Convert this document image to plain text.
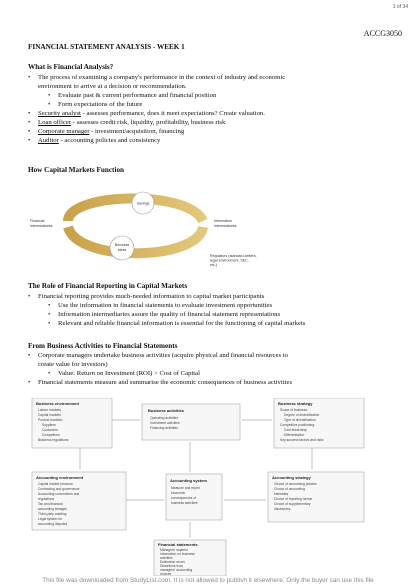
1 of 34
ACCG3050
FINANCIAL STATEMENT ANALYSIS - WEEK 1
What is Financial Analysis?
• The process of examining a company's performance in the context of industry and economic
environment to arrive at a decision or recommendation.
• Evaluate past & current performance and financial position
• Form expectations of the future
• Security analyst - assesses performance, does it meet expectations? Create valuation.
• Loan officer - assesses credit risk, liquidity, profitability, business risk
• Corporate manager - investment/acquisition, financing
• Auditor - accounting policies and consistency
How Capital Markets Function
Savings
Business
ideas
Financial
intermediaries
Information
intermediaries
Regulators (standard-setters,
legal environment, SEC,
etc.)
The Role of Financial Reporting in Capital Markets
• Financial reporting provides much-needed information to capital market participants
• Use the information in financial statements to evaluate investment opportunities
• Information intermediaries assure the quality of financial statement representations
• Relevant and reliable financial information is essential for the functioning of capital markets
From Business Activities to Financial Statements
• Corporate managers undertake business activities (acquire physical and financial resources to
create value for investors)
• Value: Return on Investment (ROI) > Cost of Capital
• Financial statements measure and summarise the economic consequences of business activities
Business environment
Labour markets
Capital markets
Product markets:
Suppliers
Customers
Competitors
Business regulations
Business activities
Operating activities
Investment activities
Financing activities
Business strategy
Scope of business:
Degree of diversification
Type of diversification
Competitive positioning:
Cost leadership
Differentiation
Key success factors and risks
Accounting environment
Capital market structure
Contracting and governance
Accounting conventions and
regulations
Tax and financial
accounting linkages
Third-party auditing
Legal system for
accounting disputes
Accounting system
Measure and report
economic
consequences of
business activities
Accounting strategy
Choice of accounting policies
Choice of accounting
estimates
Choice of reporting format
Choice of supplementary
disclosures
Financial statements
Managers' superior
information on business
activities
Estimation errors
Distortions from
managers' accounting
choices
This file was downloaded from StudyList.com. It is not allowed to publish it elsewhere. Only the buyer can use this file
